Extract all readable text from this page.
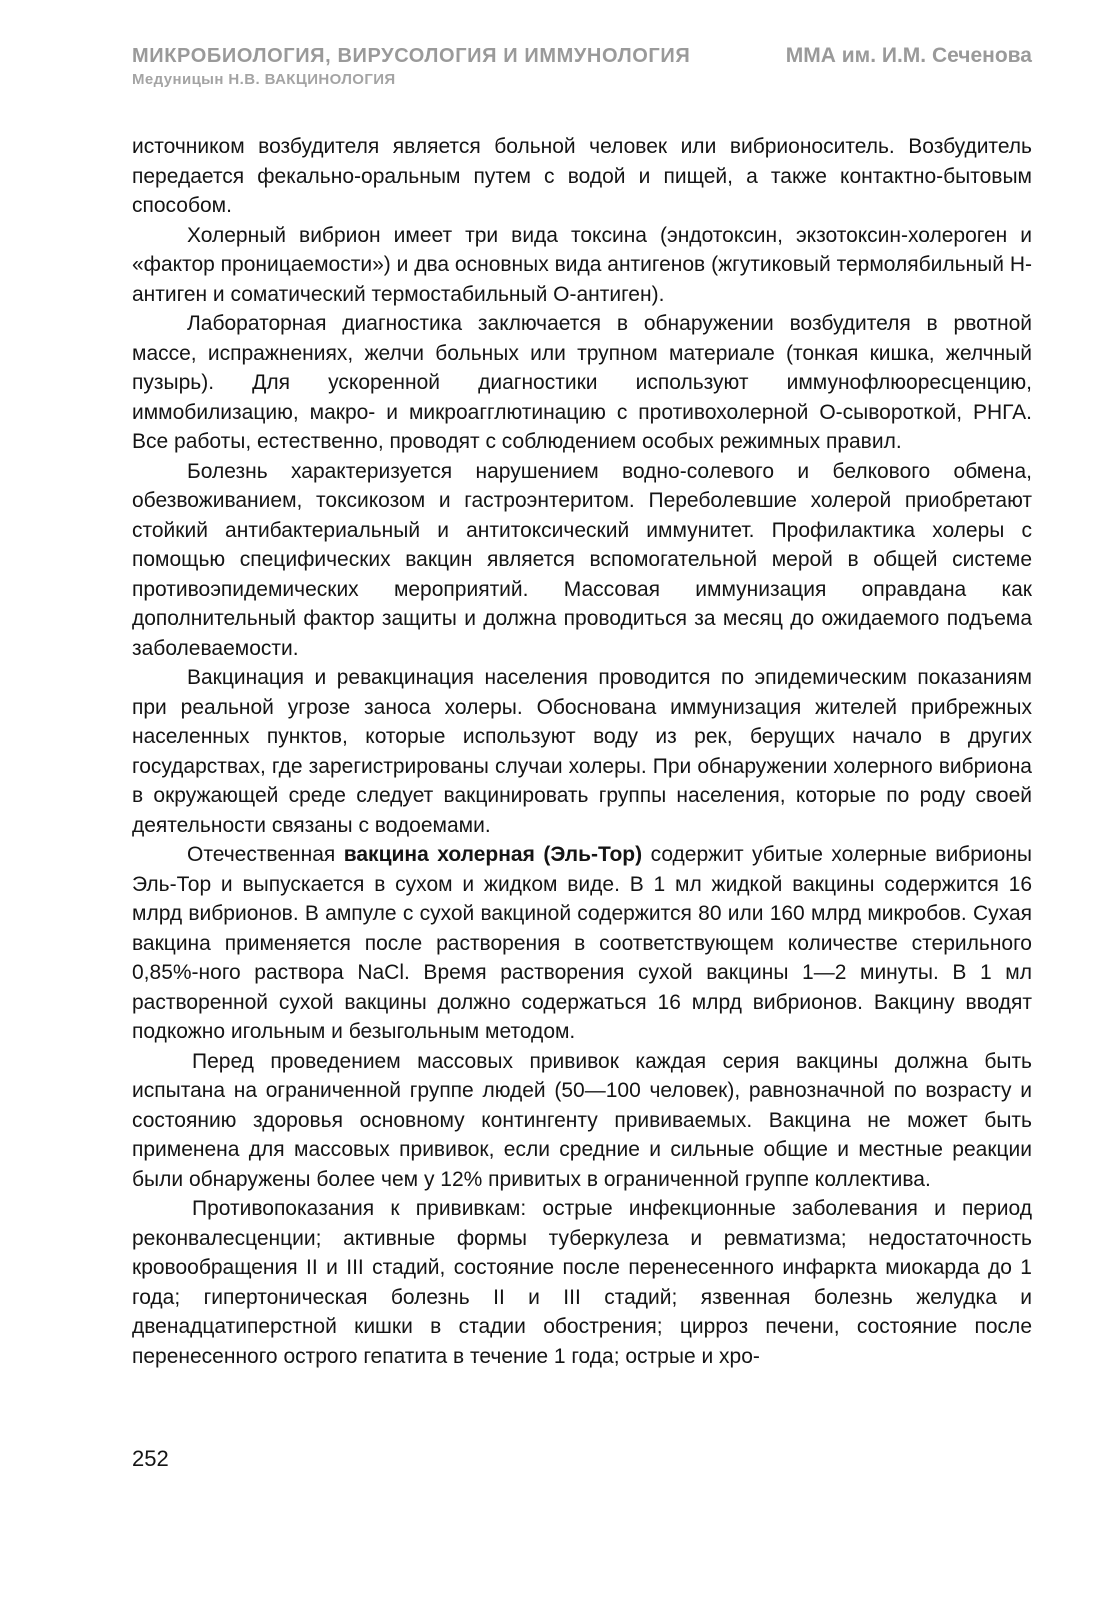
МИКРОБИОЛОГИЯ, ВИРУСОЛОГИЯ И ИММУНОЛОГИЯ	ММА им. И.М. Сеченова
Медуницын Н.В. ВАКЦИНОЛОГИЯ

источником возбудителя является больной человек или вибрионоситель. Возбудитель передается фекально-оральным путем с водой и пищей, а также контактно-бытовым способом.

Холерный вибрион имеет три вида токсина (эндотоксин, экзотоксин-холероген и «фактор проницаемости») и два основных вида антигенов (жгутиковый термолябильный Н-антиген и соматический термостабильный О-антиген).

Лабораторная диагностика заключается в обнаружении возбудителя в рвотной массе, испражнениях, желчи больных или трупном материале (тонкая кишка, желчный пузырь). Для ускоренной диагностики используют иммунофлюоресценцию, иммобилизацию, макро- и микроагглютинацию с противохолерной О-сывороткой, РНГА. Все работы, естественно, проводят с соблюдением особых режимных правил.

Болезнь характеризуется нарушением водно-солевого и белкового обмена, обезвоживанием, токсикозом и гастроэнтеритом. Переболевшие холерой приобретают стойкий антибактериальный и антитоксический иммунитет. Профилактика холеры с помощью специфических вакцин является вспомогательной мерой в общей системе противоэпидемических мероприятий. Массовая иммунизация оправдана как дополнительный фактор защиты и должна проводиться за месяц до ожидаемого подъема заболеваемости.

Вакцинация и ревакцинация населения проводится по эпидемическим показаниям при реальной угрозе заноса холеры. Обоснована иммунизация жителей прибрежных населенных пунктов, которые используют воду из рек, берущих начало в других государствах, где зарегистрированы случаи холеры. При обнаружении холерного вибриона в окружающей среде следует вакцинировать группы населения, которые по роду своей деятельности связаны с водоемами.

Отечественная вакцина холерная (Эль-Тор) содержит убитые холерные вибрионы Эль-Тор и выпускается в сухом и жидком виде. В 1 мл жидкой вакцины содержится 16 млрд вибрионов. В ампуле с сухой вакциной содержится 80 или 160 млрд микробов. Сухая вакцина применяется после растворения в соответствующем количестве стерильного 0,85%-ного раствора NaCl. Время растворения сухой вакцины 1—2 минуты. В 1 мл растворенной сухой вакцины должно содержаться 16 млрд вибрионов. Вакцину вводят подкожно игольным и безыгольным методом.

Перед проведением массовых прививок каждая серия вакцины должна быть испытана на ограниченной группе людей (50—100 человек), равнозначной по возрасту и состоянию здоровья основному контингенту прививаемых. Вакцина не может быть применена для массовых прививок, если средние и сильные общие и местные реакции были обнаружены более чем у 12% привитых в ограниченной группе коллектива.

Противопоказания к прививкам: острые инфекционные заболевания и период реконвалесценции; активные формы туберкулеза и ревматизма; недостаточность кровообращения II и III стадий, состояние после перенесенного инфаркта миокарда до 1 года; гипертоническая болезнь II и III стадий; язвенная болезнь желудка и двенадцатиперстной кишки в стадии обострения; цирроз печени, состояние после перенесенного острого гепатита в течение 1 года; острые и хро-

252
